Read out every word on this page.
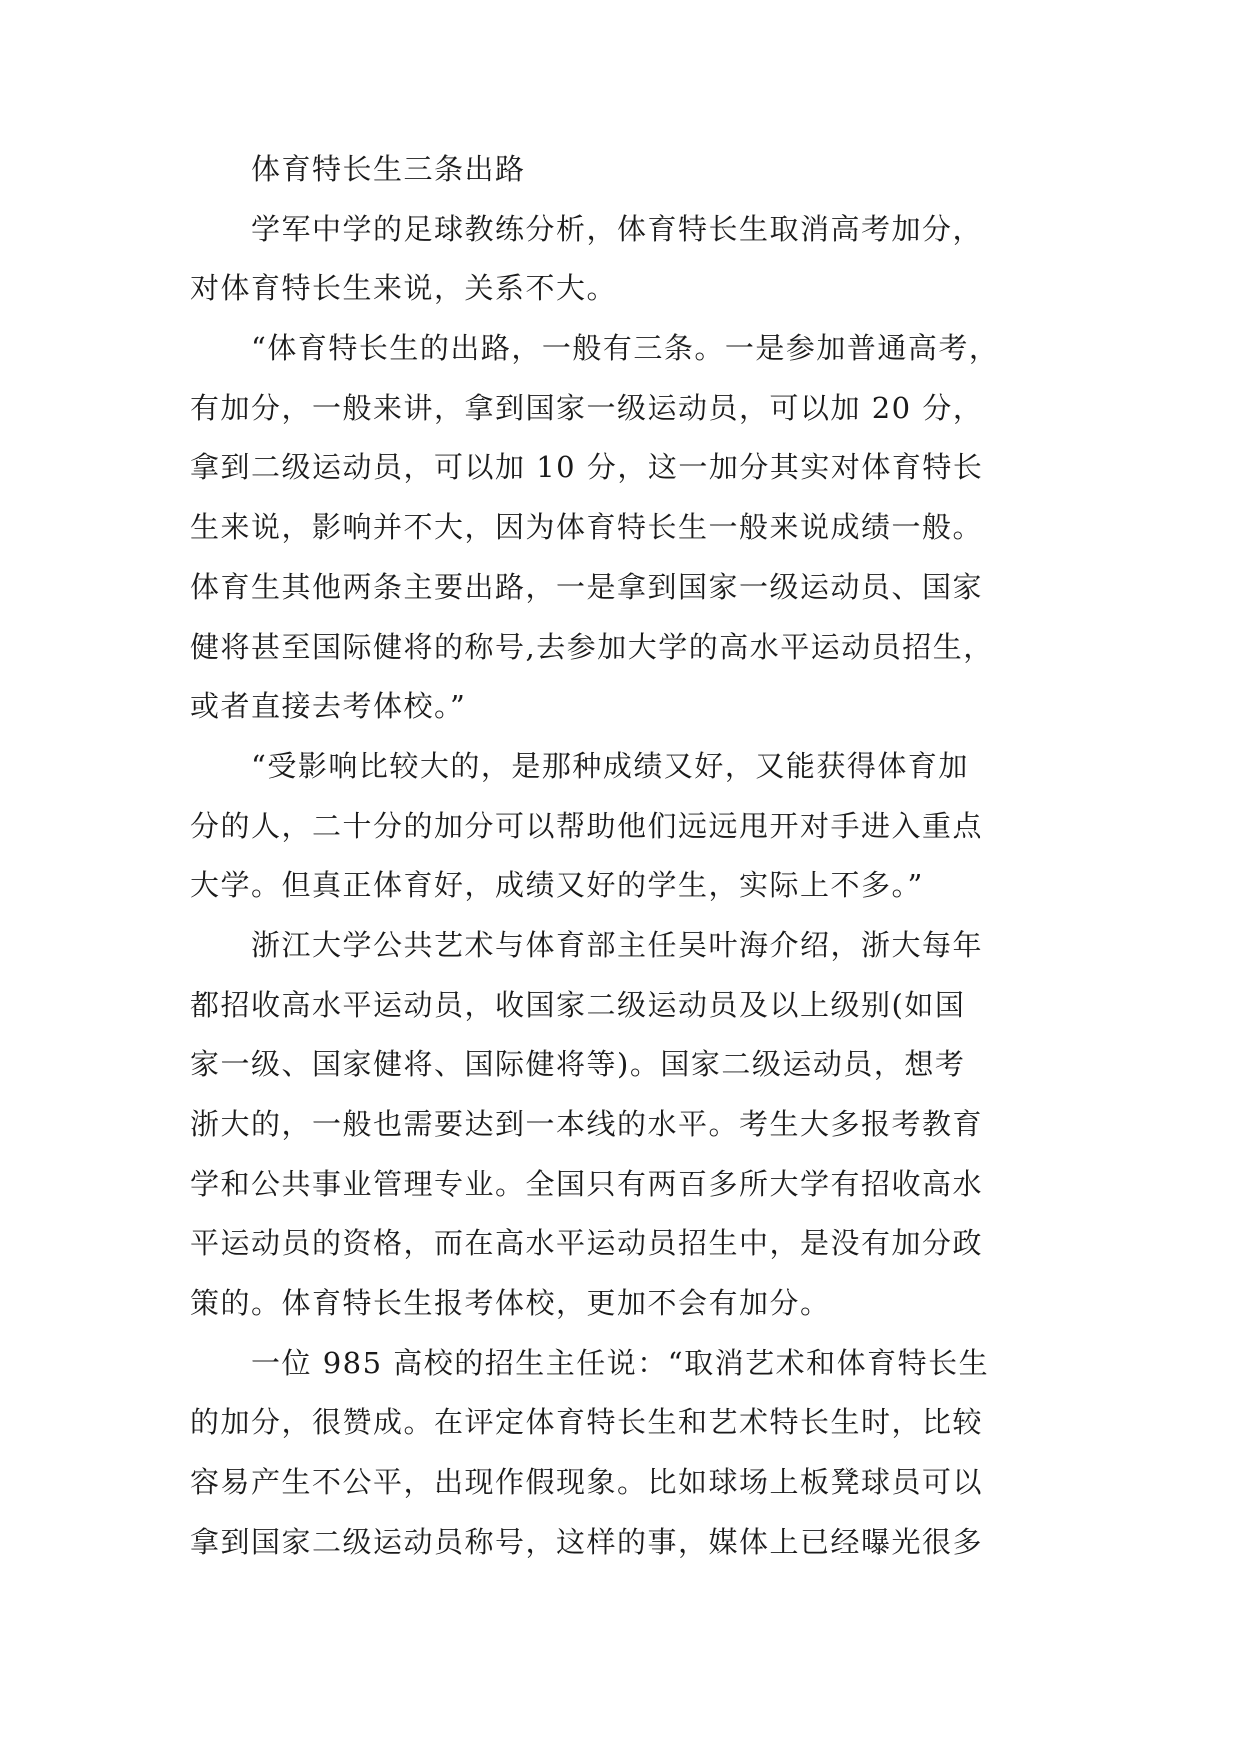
　　体育特长生三条出路
　　学军中学的足球教练分析，体育特长生取消高考加分，
对体育特长生来说，关系不大。
　　“体育特长生的出路，一般有三条。一是参加普通高考，
有加分，一般来讲，拿到国家一级运动员，可以加 20 分，
拿到二级运动员，可以加 10 分，这一加分其实对体育特长
生来说，影响并不大，因为体育特长生一般来说成绩一般。
体育生其他两条主要出路，一是拿到国家一级运动员、国家
健将甚至国际健将的称号,去参加大学的高水平运动员招生，
或者直接去考体校。”
　　“受影响比较大的，是那种成绩又好，又能获得体育加
分的人，二十分的加分可以帮助他们远远甩开对手进入重点
大学。但真正体育好，成绩又好的学生，实际上不多。”
　　浙江大学公共艺术与体育部主任吴叶海介绍，浙大每年
都招收高水平运动员，收国家二级运动员及以上级别(如国
家一级、国家健将、国际健将等)。国家二级运动员，想考
浙大的，一般也需要达到一本线的水平。考生大多报考教育
学和公共事业管理专业。全国只有两百多所大学有招收高水
平运动员的资格，而在高水平运动员招生中，是没有加分政
策的。体育特长生报考体校，更加不会有加分。
　　一位 985 高校的招生主任说：“取消艺术和体育特长生
的加分，很赞成。在评定体育特长生和艺术特长生时，比较
容易产生不公平，出现作假现象。比如球场上板凳球员可以
拿到国家二级运动员称号，这样的事，媒体上已经曝光很多
